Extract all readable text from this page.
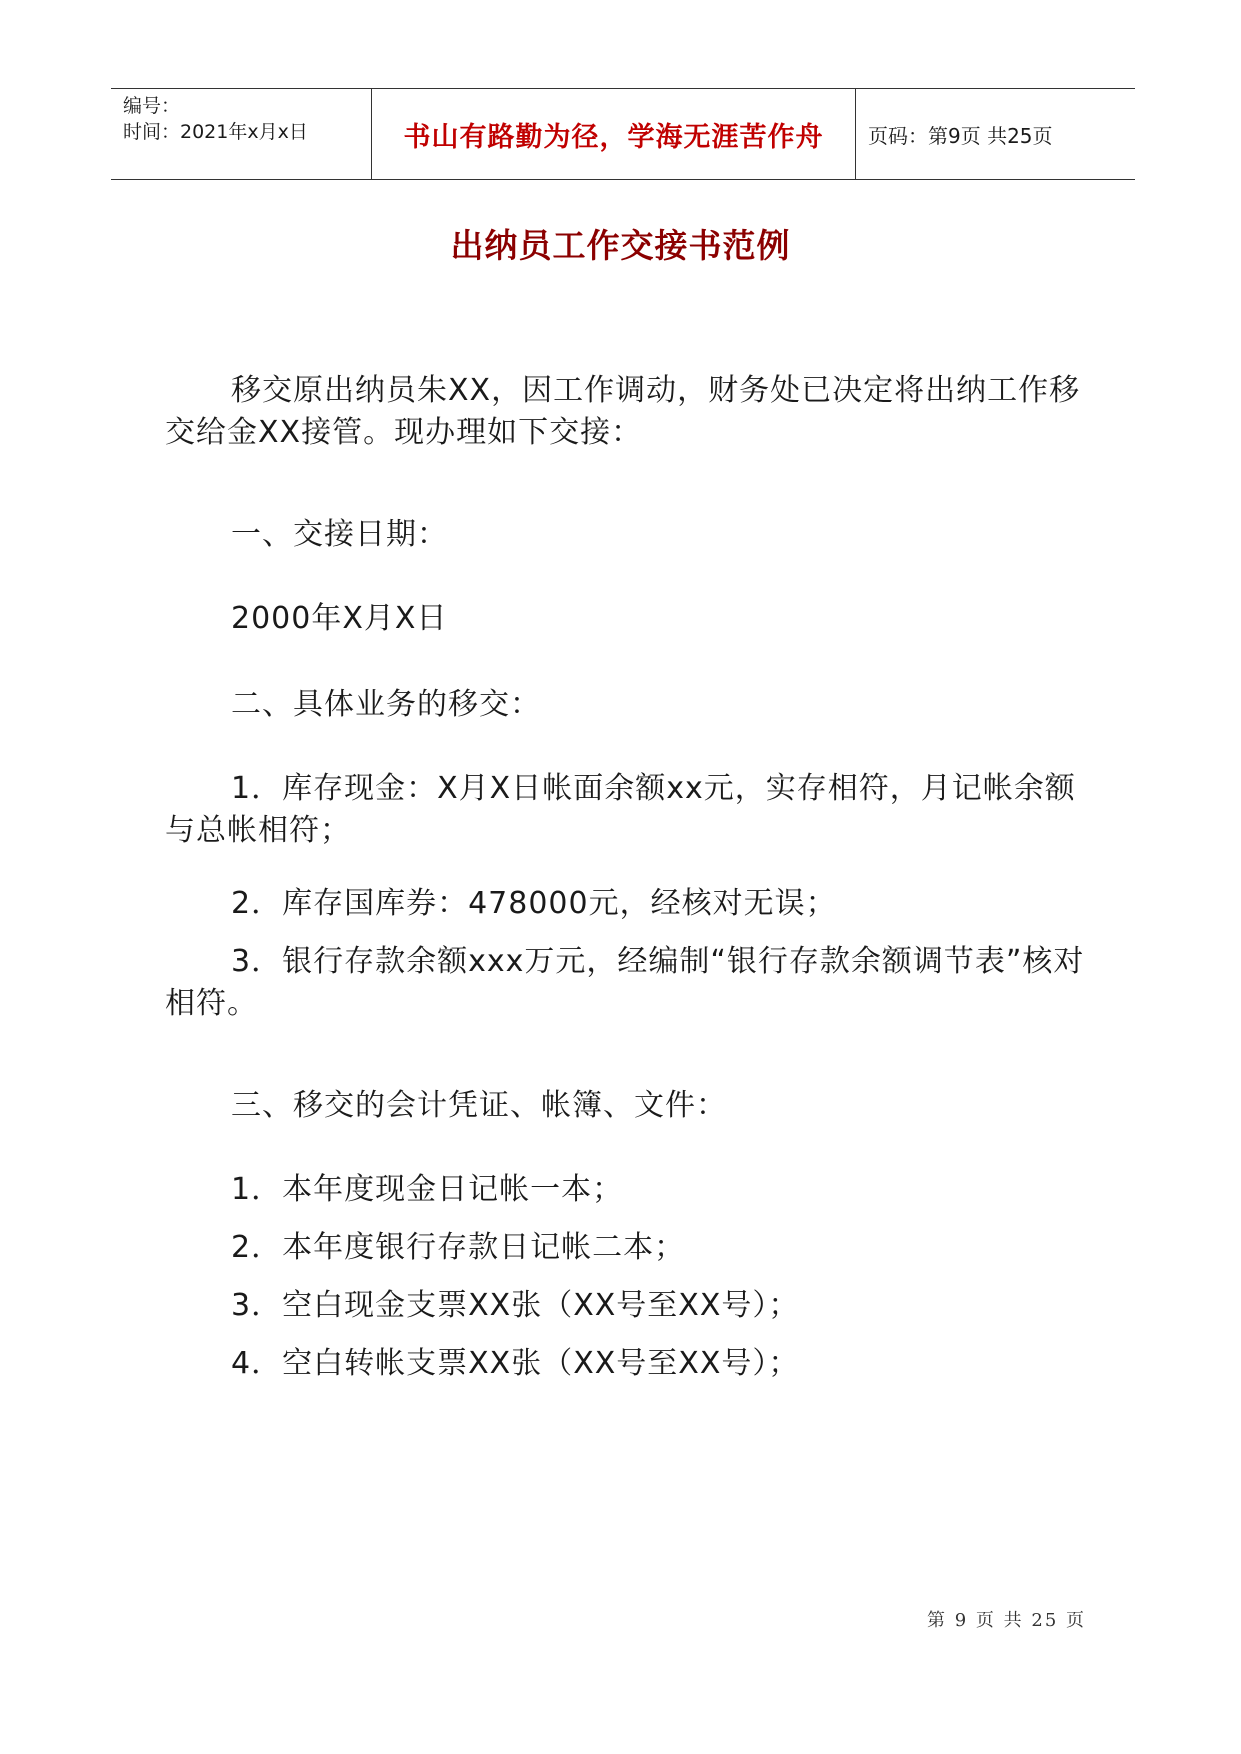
编号：
时间：2021年x月x日	书山有路勤为径，学海无涯苦作舟 页码：第9页 共25页
出纳员工作交接书范例

移交原出纳员朱XX，因工作调动，财务处已决定将出纳工作移交给金XX接管。现办理如下交接：

一、交接日期：

2000年X月X日

二、具体业务的移交：

1．库存现金：X月X日帐面余额xx元，实存相符，月记帐余额与总帐相符；

2．库存国库券：478000元，经核对无误；

3．银行存款余额xxx万元，经编制“银行存款余额调节表”核对相符。

三、移交的会计凭证、帐簿、文件：

1．本年度现金日记帐一本；

2．本年度银行存款日记帐二本；

3．空白现金支票XX张（XX号至XX号）；

4．空白转帐支票XX张（XX号至XX号）；

第 9 页 共 25 页
